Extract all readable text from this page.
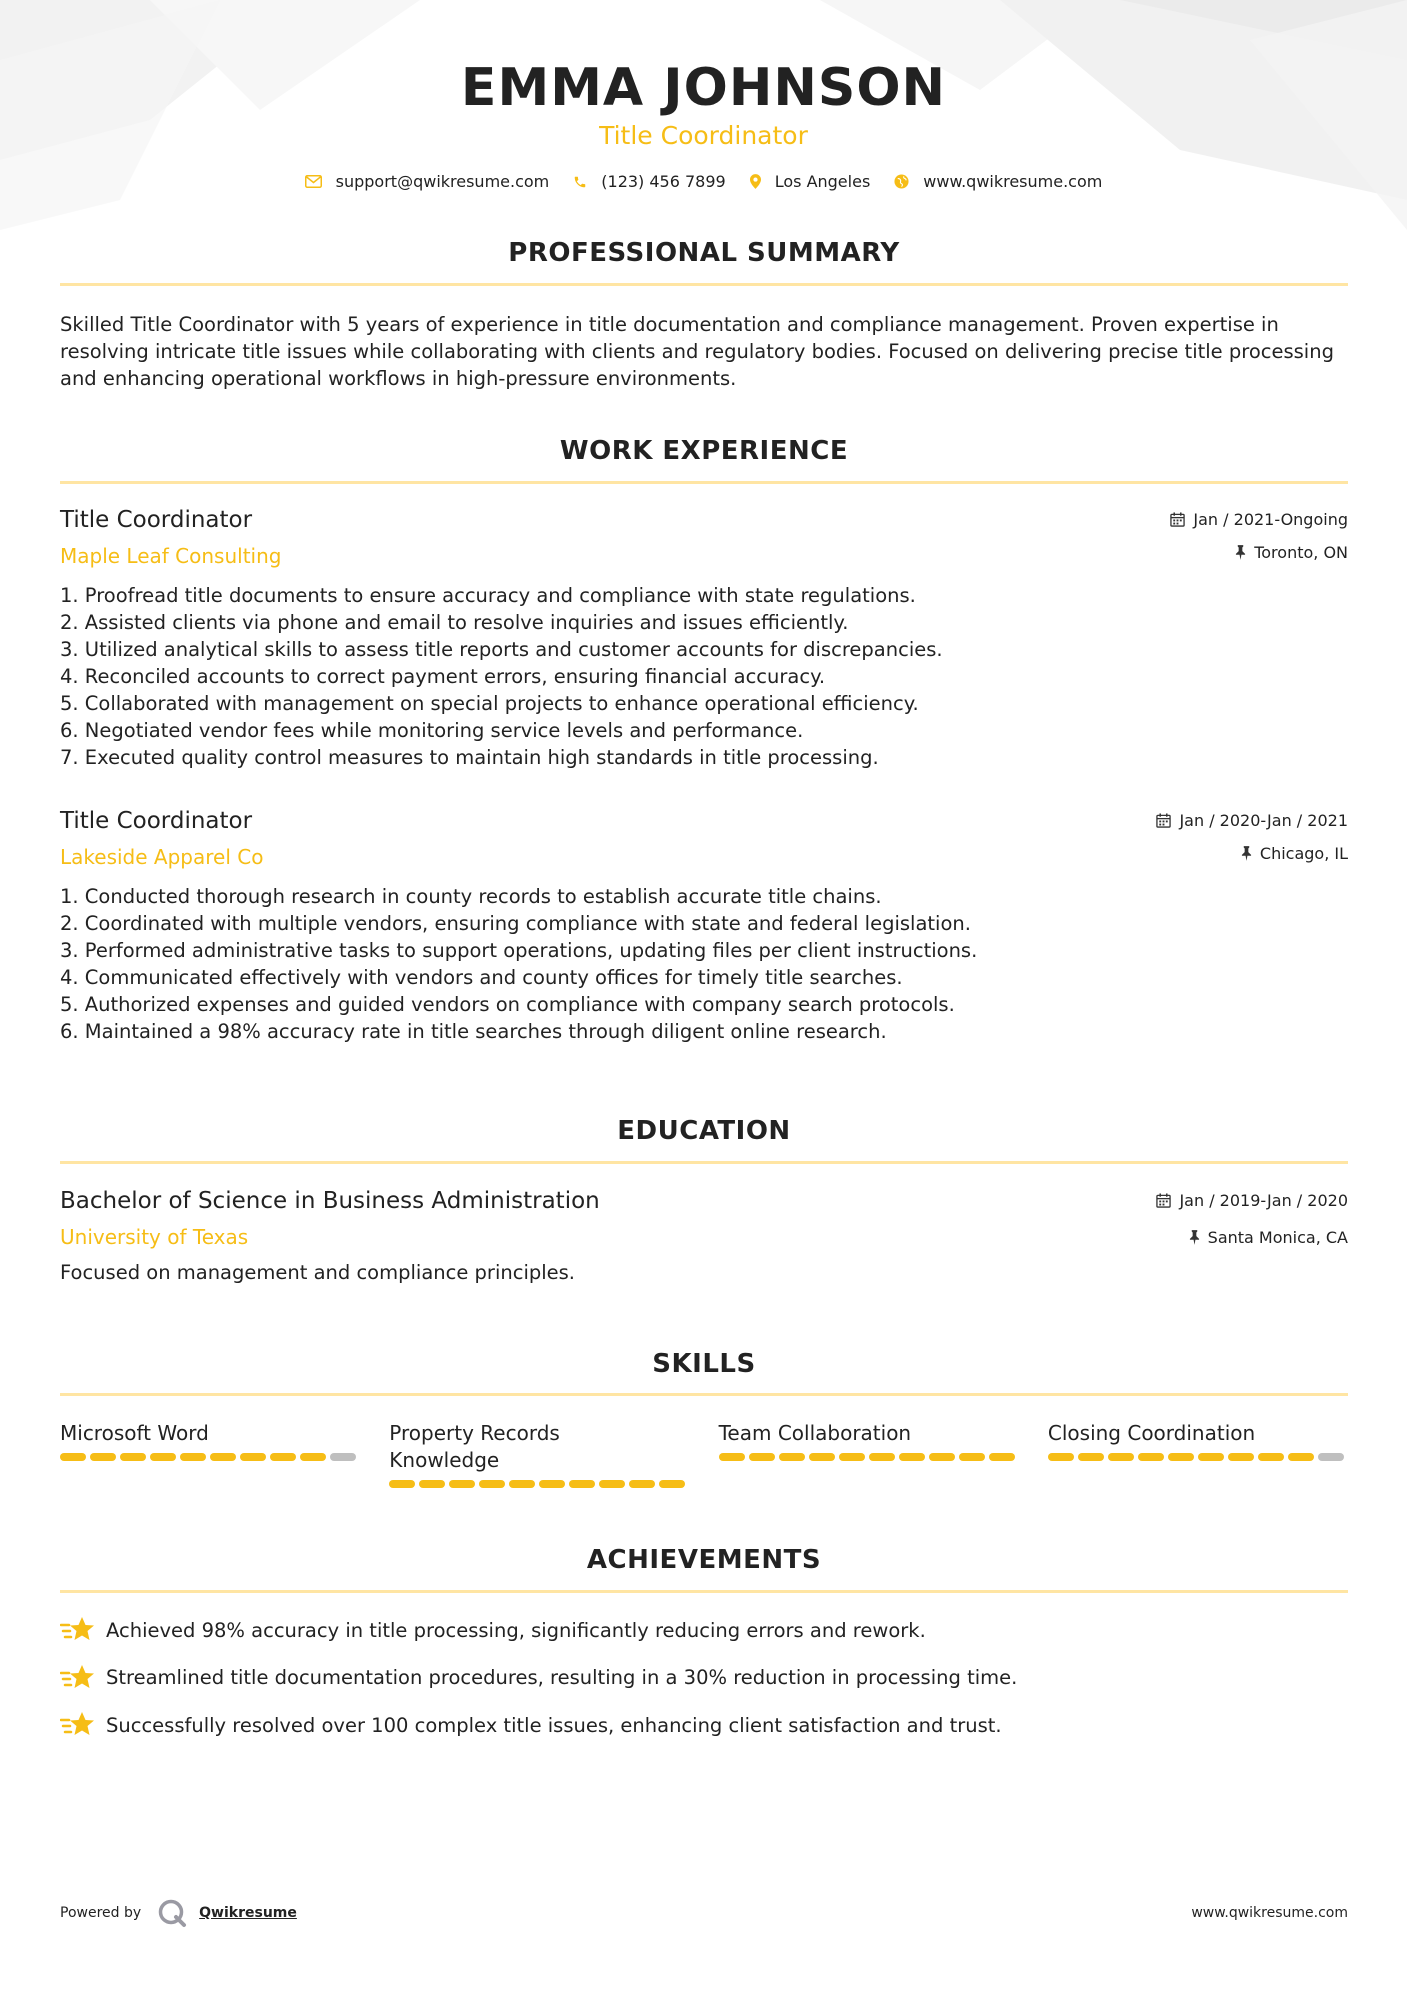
EMMA JOHNSON
Title Coordinator
support@qwikresume.com	(123) 456 7899	Los Angeles	www.qwikresume.com
PROFESSIONAL SUMMARY
Skilled Title Coordinator with 5 years of experience in title documentation and compliance management. Proven expertise in resolving intricate title issues while collaborating with clients and regulatory bodies. Focused on delivering precise title processing and enhancing operational workflows in high-pressure environments.
WORK EXPERIENCE
Title Coordinator
Maple Leaf Consulting
Jan / 2021-Ongoing
Toronto, ON
1. Proofread title documents to ensure accuracy and compliance with state regulations.
2. Assisted clients via phone and email to resolve inquiries and issues efficiently.
3. Utilized analytical skills to assess title reports and customer accounts for discrepancies.
4. Reconciled accounts to correct payment errors, ensuring financial accuracy.
5. Collaborated with management on special projects to enhance operational efficiency.
6. Negotiated vendor fees while monitoring service levels and performance.
7. Executed quality control measures to maintain high standards in title processing.
Title Coordinator
Lakeside Apparel Co
Jan / 2020-Jan / 2021
Chicago, IL
1. Conducted thorough research in county records to establish accurate title chains.
2. Coordinated with multiple vendors, ensuring compliance with state and federal legislation.
3. Performed administrative tasks to support operations, updating files per client instructions.
4. Communicated effectively with vendors and county offices for timely title searches.
5. Authorized expenses and guided vendors on compliance with company search protocols.
6. Maintained a 98% accuracy rate in title searches through diligent online research.
EDUCATION
Bachelor of Science in Business Administration
University of Texas
Jan / 2019-Jan / 2020
Santa Monica, CA
Focused on management and compliance principles.
SKILLS
Microsoft Word	Property Records Knowledge
Team Collaboration	Closing Coordination
ACHIEVEMENTS
Achieved 98% accuracy in title processing, significantly reducing errors and rework.
Streamlined title documentation procedures, resulting in a 30% reduction in processing time.
Successfully resolved over 100 complex title issues, enhancing client satisfaction and trust.
Powered by	Qwikresume	www.qwikresume.com
